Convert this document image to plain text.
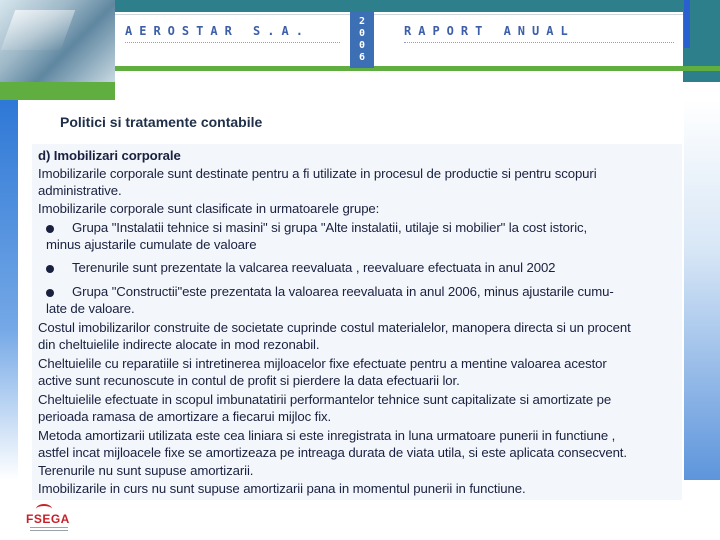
AEROSTAR S.A.
2
0
0
6
RAPORT ANUAL
Politici si tratamente contabile
d) Imobilizari corporale
Imobilizarile corporale sunt destinate pentru a fi utilizate in procesul de productie si pentru scopuri
administrative.
Imobilizarile corporale sunt clasificate in urmatoarele grupe:
Grupa "Instalatii tehnice si masini" si grupa "Alte instalatii, utilaje si mobilier" la cost istoric,
minus ajustarile cumulate de valoare
Terenurile sunt prezentate la valcarea reevaluata , reevaluare efectuata in anul 2002
Grupa "Constructii"este prezentata la valoarea reevaluata in anul 2006, minus ajustarile cumu-
late de valoare.
Costul imobilizarilor construite de societate cuprinde costul materialelor, manopera directa si un procent
din cheltuielile indirecte alocate in mod rezonabil.
Cheltuielile cu reparatiile si intretinerea mijloacelor fixe efectuate pentru a mentine valoarea acestor
active sunt recunoscute in contul de profit si pierdere la data efectuarii lor.
Cheltuielile efectuate in scopul imbunatatirii performantelor tehnice sunt capitalizate si amortizate pe
perioada ramasa de amortizare a fiecarui mijloc fix.
Metoda amortizarii utilizata este cea liniara si este inregistrata in luna urmatoare punerii in functiune ,
astfel incat mijloacele fixe se amortizeaza pe intreaga durata de viata utila, si este aplicata consecvent.
Terenurile nu sunt supuse amortizarii.
Imobilizarile in curs nu sunt supuse amortizarii pana in momentul punerii in functiune.
FSEGA
